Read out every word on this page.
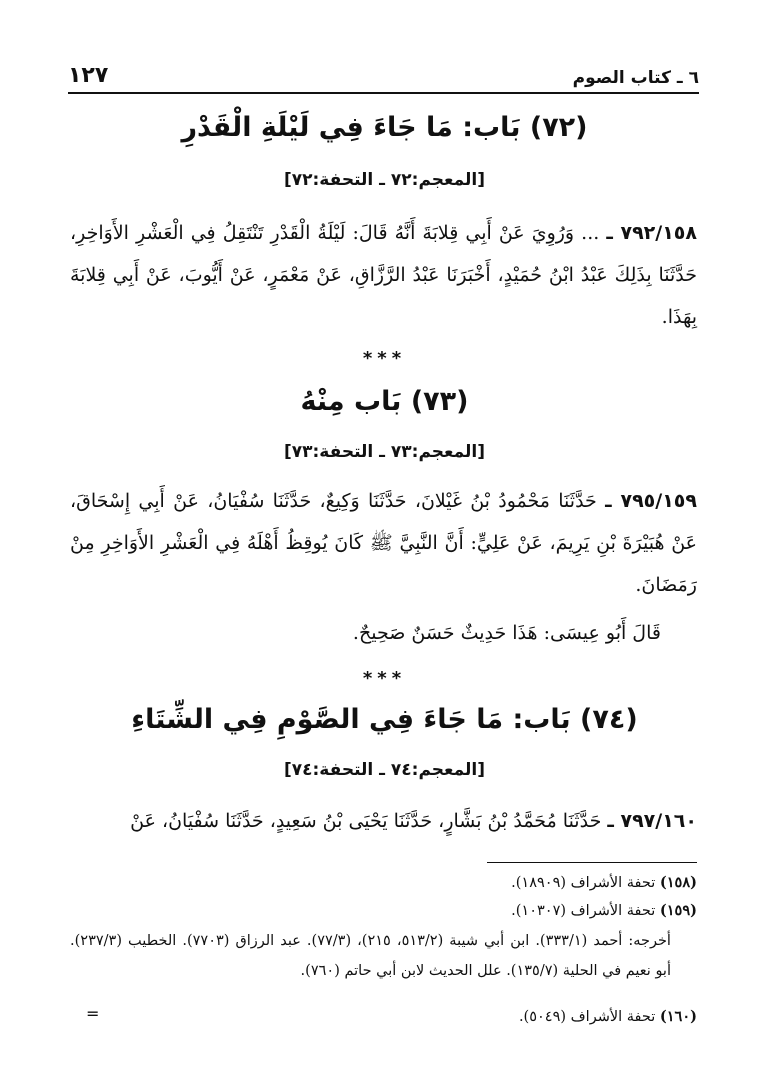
٦ ـ كتاب الصوم
١٢٧
(٧٢) بَاب: مَا جَاءَ فِي لَيْلَةِ الْقَدْرِ
[المعجم:٧٢ ـ التحفة:٧٢]
٧٩٢/١٥٨ ـ ... وَرُوِيَ عَنْ أَبِي قِلابَةَ أَنَّهُ قَالَ: لَيْلَةُ الْقَدْرِ تَنْتَقِلُ فِي الْعَشْرِ الأَوَاخِرِ، حَدَّثَنَا بِذَلِكَ عَبْدُ ابْنُ حُمَيْدٍ، أَخْبَرَنَا عَبْدُ الرَّزَّاقِ، عَنْ مَعْمَرٍ، عَنْ أَيُّوبَ، عَنْ أَبِي قِلابَةَ بِهَذَا.
***
(٧٣) بَاب مِنْهُ
[المعجم:٧٣ ـ التحفة:٧٣]
٧٩٥/١٥٩ ـ حَدَّثَنَا مَحْمُودُ بْنُ غَيْلانَ، حَدَّثَنَا وَكِيعٌ، حَدَّثَنَا سُفْيَانُ، عَنْ أَبِي إِسْحَاقَ، عَنْ هُبَيْرَةَ بْنِ يَرِيمَ، عَنْ عَلِيٍّ: أَنَّ النَّبِيَّ ﷺ كَانَ يُوقِظُ أَهْلَهُ فِي الْعَشْرِ الأَوَاخِرِ مِنْ رَمَضَانَ.
قَالَ أَبُو عِيسَى: هَذَا حَدِيثٌ حَسَنٌ صَحِيحٌ.
***
(٧٤) بَاب: مَا جَاءَ فِي الصَّوْمِ فِي الشِّتَاءِ
[المعجم:٧٤ ـ التحفة:٧٤]
٧٩٧/١٦٠ ـ حَدَّثَنَا مُحَمَّدُ بْنُ بَشَّارٍ، حَدَّثَنَا يَحْيَى بْنُ سَعِيدٍ، حَدَّثَنَا سُفْيَانُ، عَنْ
(١٥٨) تحفة الأشراف (١٨٩٠٩).
(١٥٩) تحفة الأشراف (١٠٣٠٧).
أخرجه: أحمد (٣٣٣/١). ابن أبي شيبة (٥١٣/٢، ٢١٥)، (٧٧/٣). عبد الرزاق (٧٧٠٣). الخطيب (٢٣٧/٣). أبو نعيم في الحلية (١٣٥/٧). علل الحديث لابن أبي حاتم (٧٦٠).
(١٦٠) تحفة الأشراف (٥٠٤٩).
=
